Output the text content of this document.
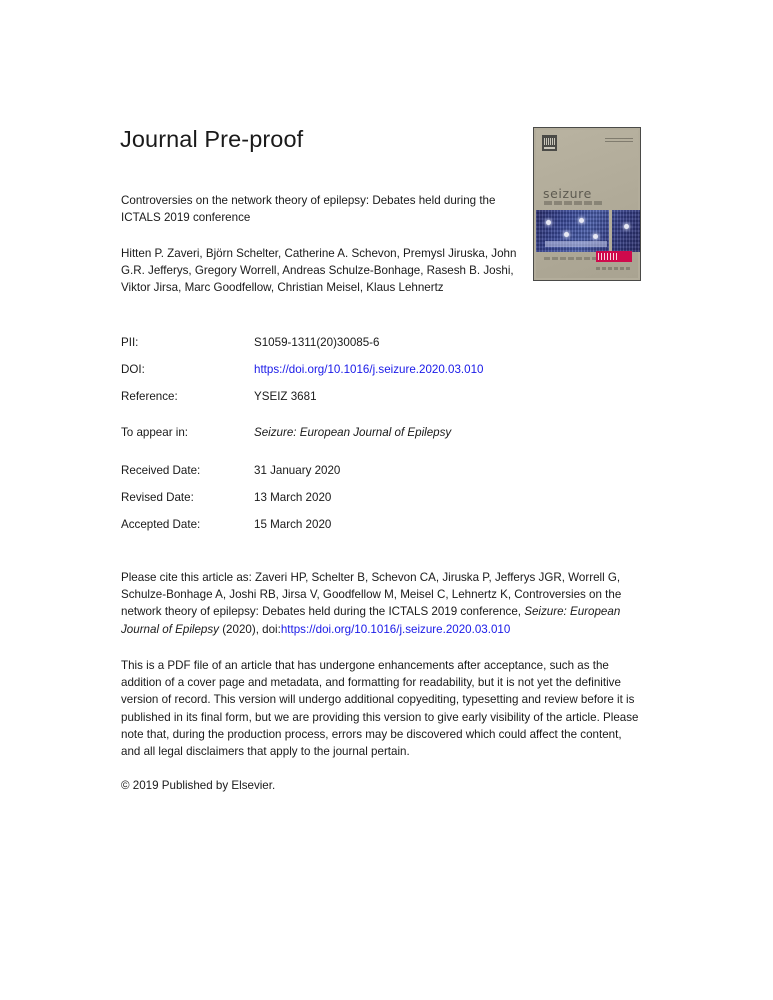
Journal Pre-proof
Controversies on the network theory of epilepsy: Debates held during the ICTALS 2019 conference
Hitten P. Zaveri, Björn Schelter, Catherine A. Schevon, Premysl Jiruska, John G.R. Jefferys, Gregory Worrell, Andreas Schulze-Bonhage, Rasesh B. Joshi, Viktor Jirsa, Marc Goodfellow, Christian Meisel, Klaus Lehnertz
PII:	S1059-1311(20)30085-6
DOI:	https://doi.org/10.1016/j.seizure.2020.03.010
Reference:	YSEIZ 3681
To appear in:	Seizure: European Journal of Epilepsy
Received Date:	31 January 2020
Revised Date:	13 March 2020
Accepted Date:	15 March 2020
Please cite this article as: Zaveri HP, Schelter B, Schevon CA, Jiruska P, Jefferys JGR, Worrell G, Schulze-Bonhage A, Joshi RB, Jirsa V, Goodfellow M, Meisel C, Lehnertz K, Controversies on the network theory of epilepsy: Debates held during the ICTALS 2019 conference, Seizure: European Journal of Epilepsy (2020), doi:https://doi.org/10.1016/j.seizure.2020.03.010
This is a PDF file of an article that has undergone enhancements after acceptance, such as the addition of a cover page and metadata, and formatting for readability, but it is not yet the definitive version of record. This version will undergo additional copyediting, typesetting and review before it is published in its final form, but we are providing this version to give early visibility of the article. Please note that, during the production process, errors may be discovered which could affect the content, and all legal disclaimers that apply to the journal pertain.
© 2019 Published by Elsevier.
seizure
